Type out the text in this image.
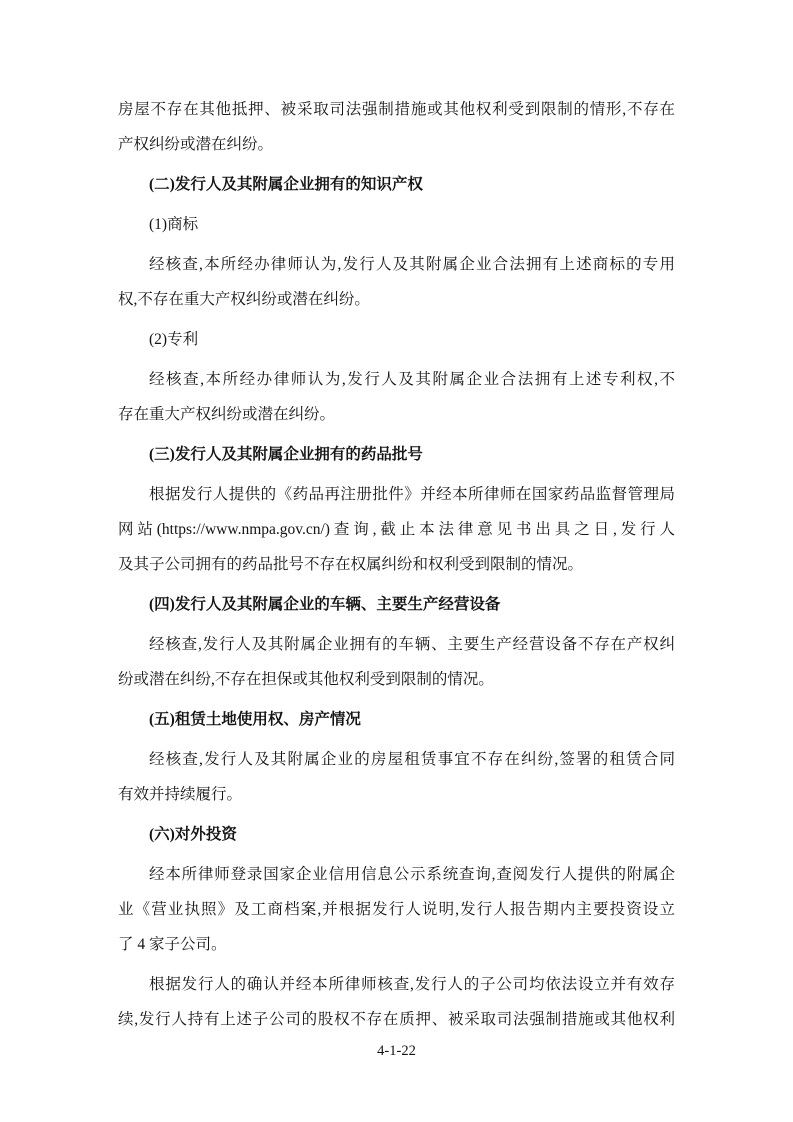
房屋不存在其他抵押、被采取司法强制措施或其他权利受到限制的情形,不存在
产权纠纷或潜在纠纷。

(二)发行人及其附属企业拥有的知识产权

(1)商标

经核查,本所经办律师认为,发行人及其附属企业合法拥有上述商标的专用
权,不存在重大产权纠纷或潜在纠纷。

(2)专利

经核查,本所经办律师认为,发行人及其附属企业合法拥有上述专利权,不
存在重大产权纠纷或潜在纠纷。

(三)发行人及其附属企业拥有的药品批号

根据发行人提供的《药品再注册批件》并经本所律师在国家药品监督管理局
网站(https://www.nmpa.gov.cn/)查询,截止本法律意见书出具之日,发行人
及其子公司拥有的药品批号不存在权属纠纷和权利受到限制的情况。

(四)发行人及其附属企业的车辆、主要生产经营设备

经核查,发行人及其附属企业拥有的车辆、主要生产经营设备不存在产权纠
纷或潜在纠纷,不存在担保或其他权利受到限制的情况。

(五)租赁土地使用权、房产情况

经核查,发行人及其附属企业的房屋租赁事宜不存在纠纷,签署的租赁合同
有效并持续履行。

(六)对外投资

经本所律师登录国家企业信用信息公示系统查询,查阅发行人提供的附属企
业《营业执照》及工商档案,并根据发行人说明,发行人报告期内主要投资设立
了 4 家子公司。

根据发行人的确认并经本所律师核查,发行人的子公司均依法设立并有效存
续,发行人持有上述子公司的股权不存在质押、被采取司法强制措施或其他权利

4-1-22
